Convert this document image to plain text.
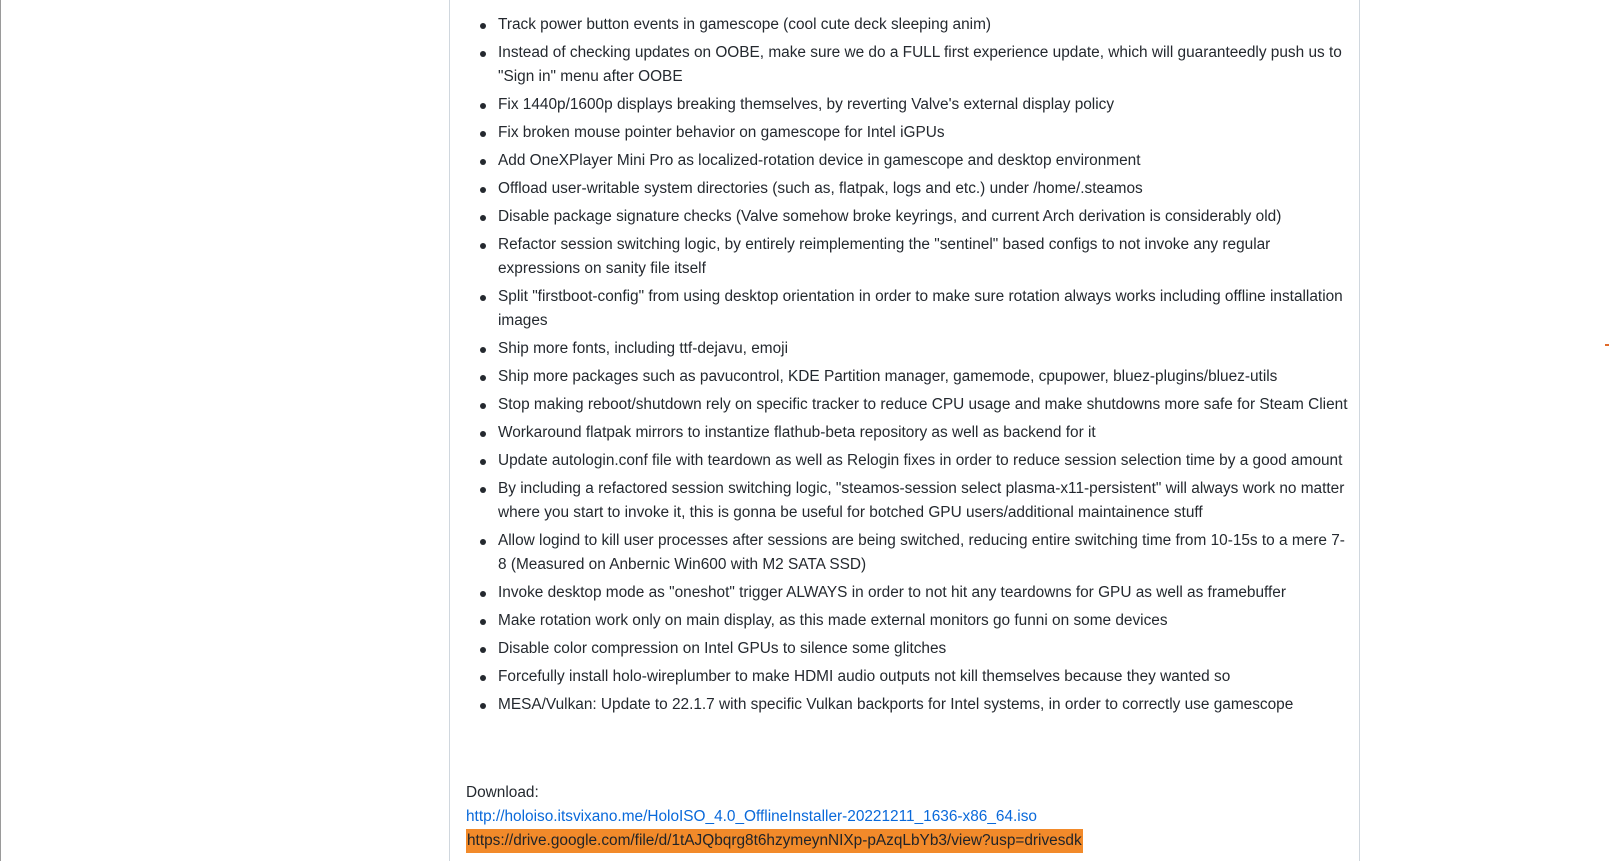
Track power button events in gamescope (cool cute deck sleeping anim)
Instead of checking updates on OOBE, make sure we do a FULL first experience update, which will guaranteedly push us to "Sign in" menu after OOBE
Fix 1440p/1600p displays breaking themselves, by reverting Valve's external display policy
Fix broken mouse pointer behavior on gamescope for Intel iGPUs
Add OneXPlayer Mini Pro as localized-rotation device in gamescope and desktop environment
Offload user-writable system directories (such as, flatpak, logs and etc.) under /home/.steamos
Disable package signature checks (Valve somehow broke keyrings, and current Arch derivation is considerably old)
Refactor session switching logic, by entirely reimplementing the "sentinel" based configs to not invoke any regular expressions on sanity file itself
Split "firstboot-config" from using desktop orientation in order to make sure rotation always works including offline installation images
Ship more fonts, including ttf-dejavu, emoji
Ship more packages such as pavucontrol, KDE Partition manager, gamemode, cpupower, bluez-plugins/bluez-utils
Stop making reboot/shutdown rely on specific tracker to reduce CPU usage and make shutdowns more safe for Steam Client
Workaround flatpak mirrors to instantize flathub-beta repository as well as backend for it
Update autologin.conf file with teardown as well as Relogin fixes in order to reduce session selection time by a good amount
By including a refactored session switching logic, "steamos-session select plasma-x11-persistent" will always work no matter where you start to invoke it, this is gonna be useful for botched GPU users/additional maintainence stuff
Allow logind to kill user processes after sessions are being switched, reducing entire switching time from 10-15s to a mere 7-8 (Measured on Anbernic Win600 with M2 SATA SSD)
Invoke desktop mode as "oneshot" trigger ALWAYS in order to not hit any teardowns for GPU as well as framebuffer
Make rotation work only on main display, as this made external monitors go funni on some devices
Disable color compression on Intel GPUs to silence some glitches
Forcefully install holo-wireplumber to make HDMI audio outputs not kill themselves because they wanted so
MESA/Vulkan: Update to 22.1.7 with specific Vulkan backports for Intel systems, in order to correctly use gamescope
Download:
http://holoiso.itsvixano.me/HoloISO_4.0_OfflineInstaller-20221211_1636-x86_64.iso
https://drive.google.com/file/d/1tAJQbqrg8t6hzymeynNIXp-pAzqLbYb3/view?usp=drivesdk
